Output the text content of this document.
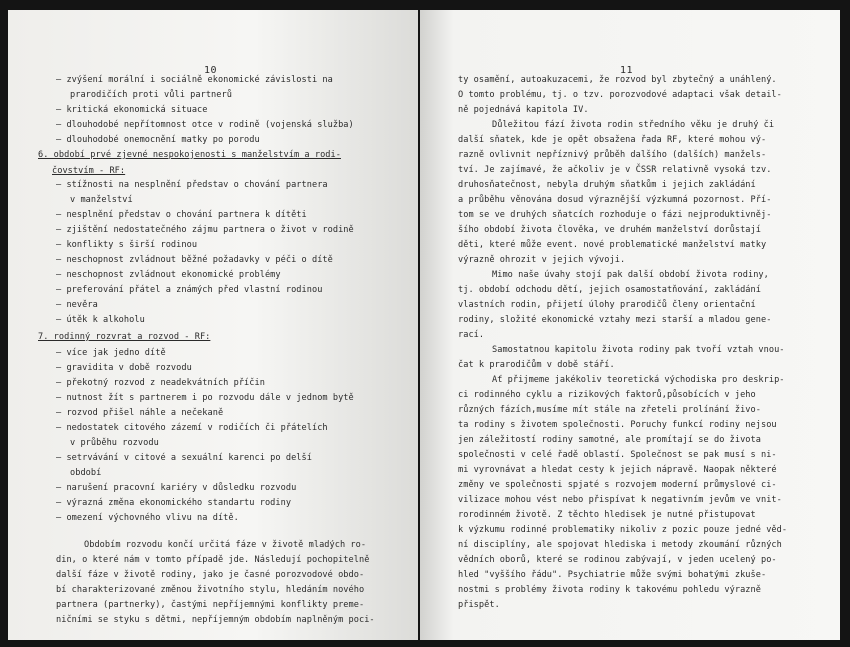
10
– zvýšení morální i sociálně ekonomické závislosti na
prarodičích proti vůli partnerů
– kritická ekonomická situace
– dlouhodobé nepřítomnost otce v rodině (vojenská služba)
– dlouhodobé onemocnění matky po porodu
6. období prvé zjevné nespokojenosti s manželstvím a rodi-
čovstvím - RF:
– stížnosti na nesplnění představ o chování partnera
v manželství
– nesplnění představ o chování partnera k dítěti
– zjištění nedostatečného zájmu partnera o život v rodině
– konflikty s širší rodinou
– neschopnost zvládnout běžné požadavky v péči o dítě
– neschopnost zvládnout ekonomické problémy
– preferování přátel a známých před vlastní rodinou
– nevěra
– útěk k alkoholu
7. rodinný rozvrat a rozvod - RF:
– více jak jedno dítě
– gravidita v době rozvodu
– překotný rozvod z neadekvátních příčin
– nutnost žít s partnerem i po rozvodu dále v jednom bytě
– rozvod přišel náhle a nečekaně
– nedostatek citového zázemí v rodičích či přátelích
v průběhu rozvodu
– setrvávání v citové a sexuální karenci po delší
období
– narušení pracovní kariéry v důsledku rozvodu
– výrazná změna ekonomického standartu rodiny
– omezení výchovného vlivu na dítě.
Obdobím rozvodu končí určitá fáze v životě mladých ro-
din, o které nám v tomto případě jde. Následují pochopitelně
další fáze v životě rodiny, jako je časné porozvodové obdo-
bí charakterizované změnou životního stylu, hledáním nového
partnera (partnerky), častými nepříjemnými konflikty preme-
ničními se styku s dětmi, nepříjemným obdobím naplněným poci-
11
ty osamění, autoakuzacemi, že rozvod byl zbytečný a unáhlený.
O tomto problému, tj. o tzv. porozvodové adaptaci však detail-
ně pojednává kapitola IV.
Důležitou fází života rodin středního věku je druhý či
další sňatek, kde je opět obsažena řada RF, které mohou vý-
razně ovlivnit nepříznivý průběh dalšího (dalších) manžels-
tví. Je zajímavé, že ačkoliv je v ČSSR relativně vysoká tzv.
druhosňatečnost, nebyla druhým sňatkům i jejich zakládání
a průběhu věnována dosud výraznější výzkumná pozornost. Pří-
tom se ve druhých sňatcích rozhoduje o fázi nejproduktivněj-
šího období života člověka, ve druhém manželství dorůstají
děti, které může event. nové problematické manželství matky
výrazně ohrozit v jejich vývoji.
Mimo naše úvahy stojí pak další období života rodiny,
tj. období odchodu dětí, jejich osamostatňování, zakládání
vlastních rodin, přijetí úlohy prarodičů členy orientační
rodiny, složité ekonomické vztahy mezi starší a mladou gene-
rací.
Samostatnou kapitolu života rodiny pak tvoří vztah vnou-
čat k prarodičům v době stáří.
Ať přijmeme jakékoliv teoretická východiska pro deskrip-
ci rodinného cyklu a rizikových faktorů,působících v jeho
různých fázích,musíme mít stále na zřeteli prolínání živo-
ta rodiny s životem společnosti. Poruchy funkcí rodiny nejsou
jen záležitostí rodiny samotné, ale promítají se do života
společnosti v celé řadě oblastí. Společnost se pak musí s ni-
mi vyrovnávat a hledat cesty k jejich nápravě. Naopak některé
změny ve společnosti spjaté s rozvojem moderní průmyslové ci-
vilizace mohou vést nebo přispívat k negativním jevům ve vnit-
rorodinném životě. Z těchto hledisek je nutné přistupovat
k výzkumu rodinné problematiky nikoliv z pozic pouze jedné věd-
ní disciplíny, ale spojovat hlediska i metody zkoumání různých
vědních oborů, které se rodinou zabývají, v jeden ucelený po-
hled "vyššího řádu". Psychiatrie může svými bohatými zkuše-
nostmi s problémy života rodiny k takovému pohledu výrazně
přispět.
